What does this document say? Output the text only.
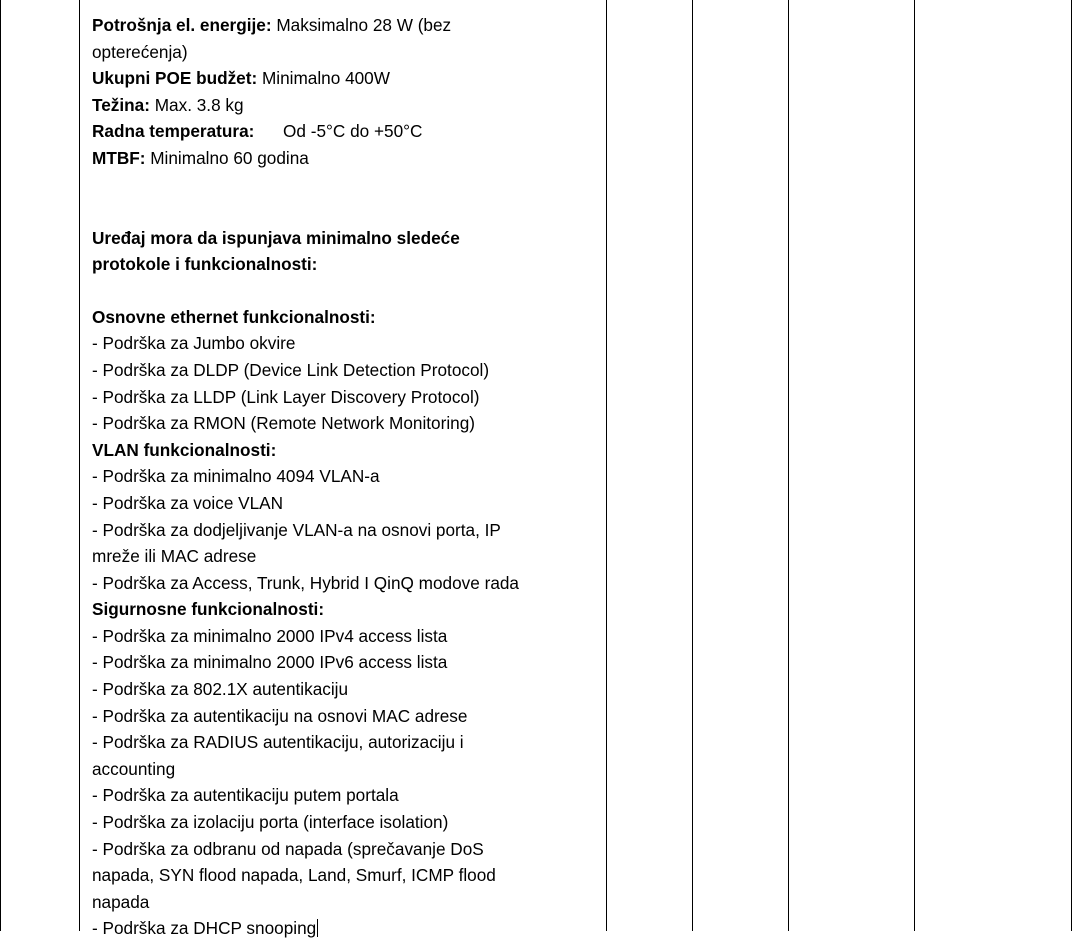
Potrošnja el. energije: Maksimalno 28 W (bez

opterećenja)

Ukupni POE budžet: Minimalno 400W

Težina: Max. 3.8 kg

Radna temperatura: Od -5°C do +50°C

MTBF: Minimalno 60 godina

Uređaj mora da ispunjava minimalno sledeće

protokole i funkcionalnosti:

Osnovne ethernet funkcionalnosti:

- Podrška za Jumbo okvire

- Podrška za DLDP (Device Link Detection Protocol)

- Podrška za LLDP (Link Layer Discovery Protocol)

- Podrška za RMON (Remote Network Monitoring)

VLAN funkcionalnosti:

- Podrška za minimalno 4094 VLAN-a

- Podrška za voice VLAN

- Podrška za dodjeljivanje VLAN-a na osnovi porta, IP

mreže ili MAC adrese

- Podrška za Access, Trunk, Hybrid I QinQ modove rada

Sigurnosne funkcionalnosti:

- Podrška za minimalno 2000 IPv4 access lista

- Podrška za minimalno 2000 IPv6 access lista

- Podrška za 802.1X autentikaciju

- Podrška za autentikaciju na osnovi MAC adrese

- Podrška za RADIUS autentikaciju, autorizaciju i

accounting

- Podrška za autentikaciju putem portala

- Podrška za izolaciju porta (interface isolation)

- Podrška za odbranu od napada (sprečavanje DoS

napada, SYN flood napada, Land, Smurf, ICMP flood

napada

- Podrška za DHCP snooping
